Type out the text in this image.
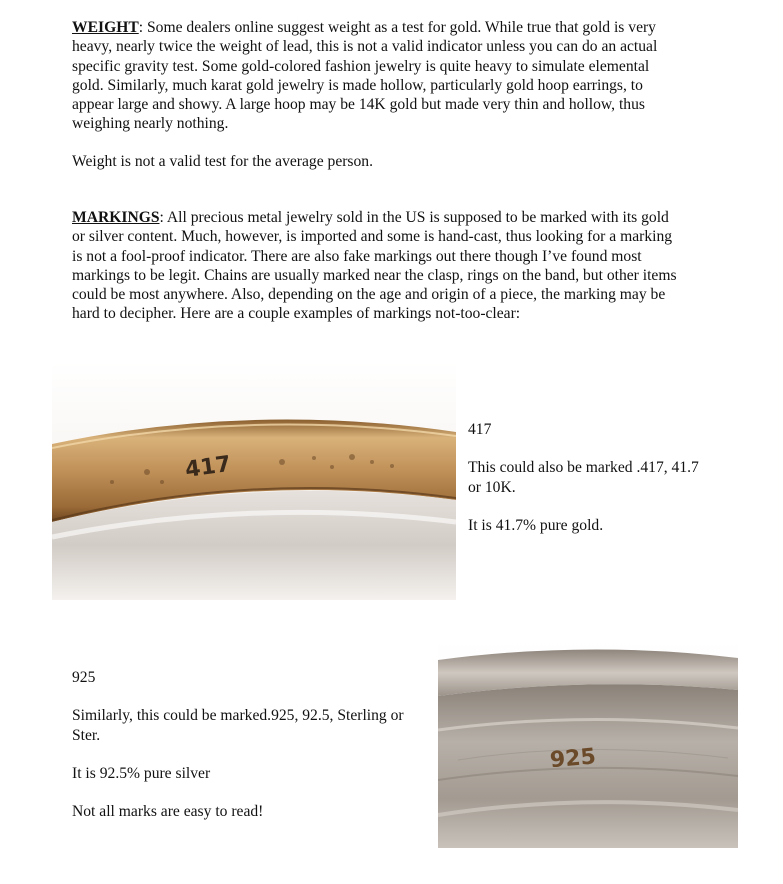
WEIGHT: Some dealers online suggest weight as a test for gold. While true that gold is very heavy, nearly twice the weight of lead, this is not a valid indicator unless you can do an actual specific gravity test. Some gold-colored fashion jewelry is quite heavy to simulate elemental gold. Similarly, much karat gold jewelry is made hollow, particularly gold hoop earrings, to appear large and showy. A large hoop may be 14K gold but made very thin and hollow, thus weighing nearly nothing.

Weight is not a valid test for the average person.

MARKINGS: All precious metal jewelry sold in the US is supposed to be marked with its gold or silver content. Much, however, is imported and some is hand-cast, thus looking for a marking is not a fool-proof indicator. There are also fake markings out there though I’ve found most markings to be legit. Chains are usually marked near the clasp, rings on the band, but other items could be most anywhere. Also, depending on the age and origin of a piece, the marking may be hard to decipher. Here are a couple examples of markings not-too-clear:

417
417
This could also be marked .417, 41.7 or 10K.
It is 41.7% pure gold.
925
Similarly, this could be marked.925, 92.5, Sterling or Ster.
It is 92.5% pure silver
Not all marks are easy to read!
925
